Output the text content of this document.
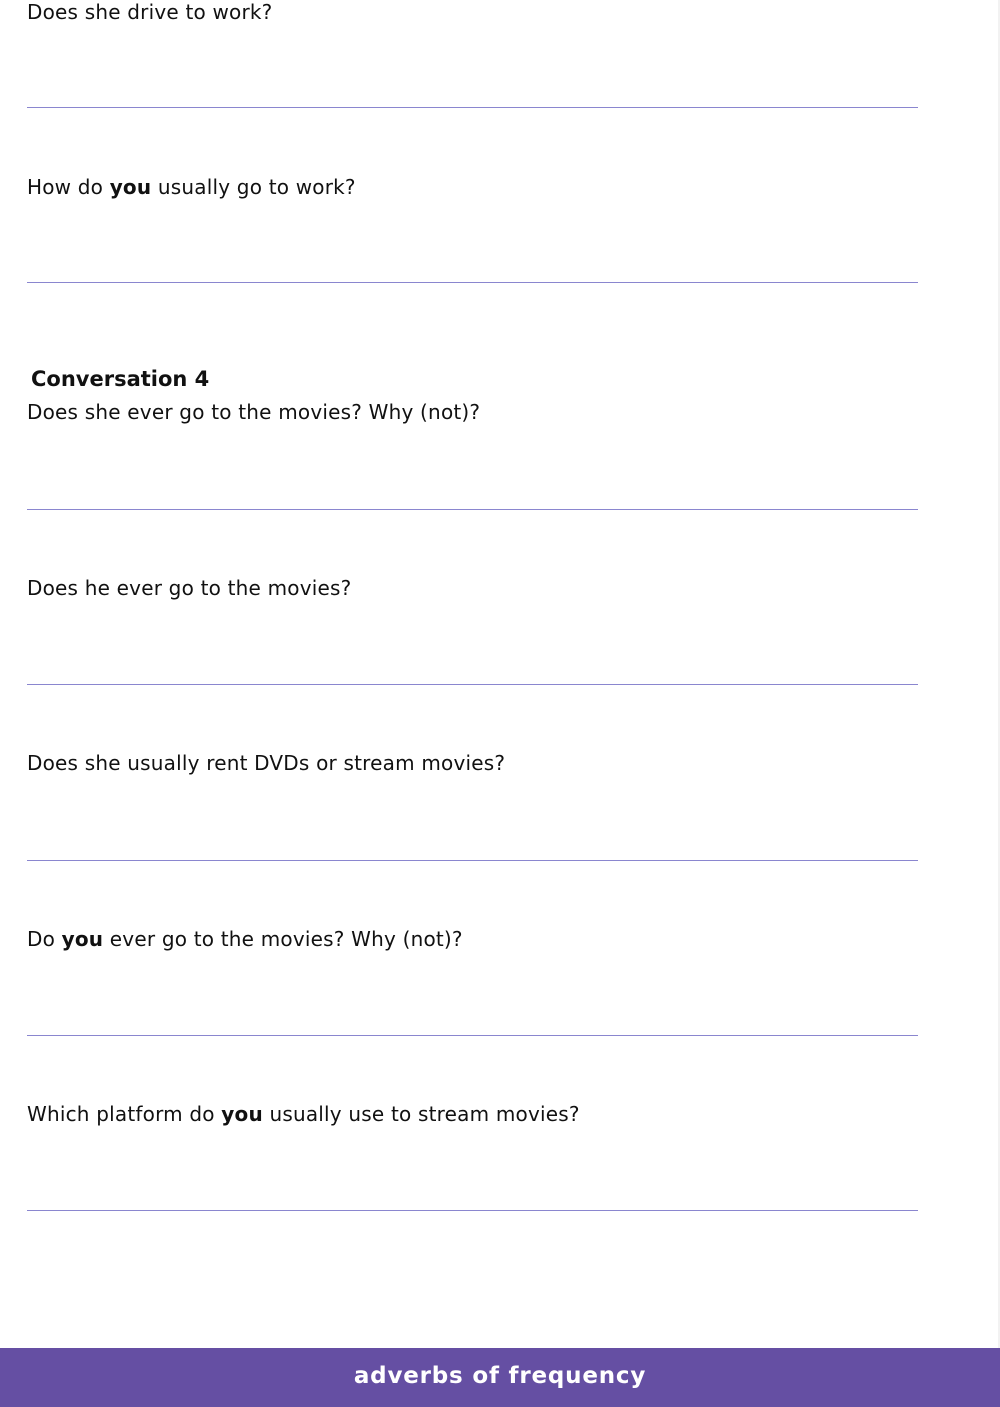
Does she drive to work?
How do you usually go to work?
Conversation 4
Does she ever go to the movies? Why (not)?
Does he ever go to the movies?
Does she usually rent DVDs or stream movies?
Do you ever go to the movies? Why (not)?
Which platform do you usually use to stream movies?
adverbs of frequency
